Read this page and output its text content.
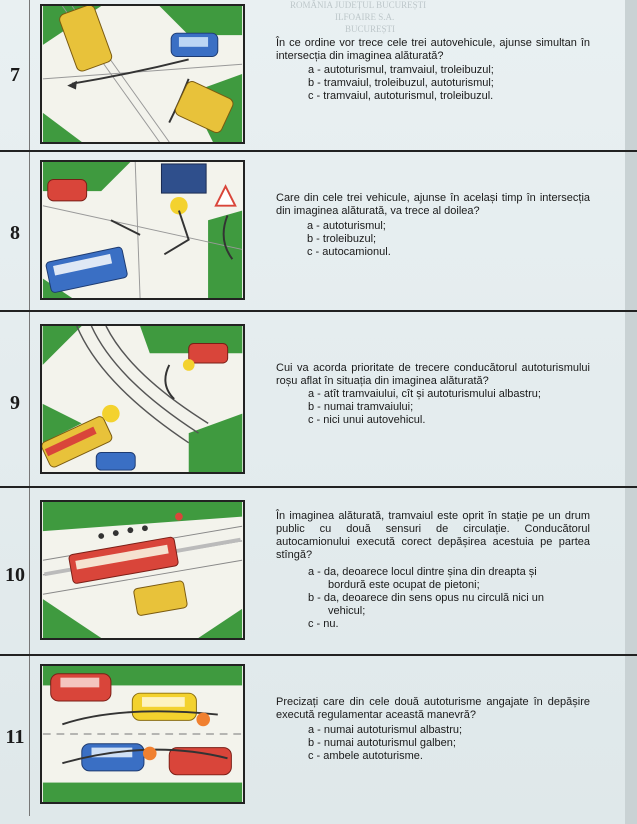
ROMÂNIA JUDEȚUL BUCUREȘTI
ILFOAIRE S.A.
BUCUREȘTI
7
În ce ordine vor trece cele trei autovehicule, ajunse simultan în intersecția din imaginea alăturată?
a - autoturismul, tramvaiul, troleibuzul;
b - tramvaiul, troleibuzul, autoturismul;
c - tramvaiul, autoturismul, troleibuzul.
8
Care din cele trei vehicule, ajunse în același timp în intersecția din imaginea alăturată, va trece al doilea?
a - autoturismul;
b - troleibuzul;
c - autocamionul.
9
Cui va acorda prioritate de trecere conducătorul autoturismului roșu aflat în situația din imaginea alăturată?
a - atît tramvaiului, cît și autoturismului albastru;
b - numai tramvaiului;
c - nici unui autovehicul.
10
În imaginea alăturată, tramvaiul este oprit în stație pe un drum public cu două sensuri de circulație. Conducătorul autocamionului execută corect depășirea acestuia pe partea stîngă?
a - da, deoarece locul dintre șina din dreapta și
bordură este ocupat de pietoni;
b - da, deoarece din sens opus nu circulă nici un
vehicul;
c - nu.
11
Precizați care din cele două autoturisme angajate în depășire execută regulamentar această manevră?
a - numai autoturismul albastru;
b - numai autoturismul galben;
c - ambele autoturisme.
